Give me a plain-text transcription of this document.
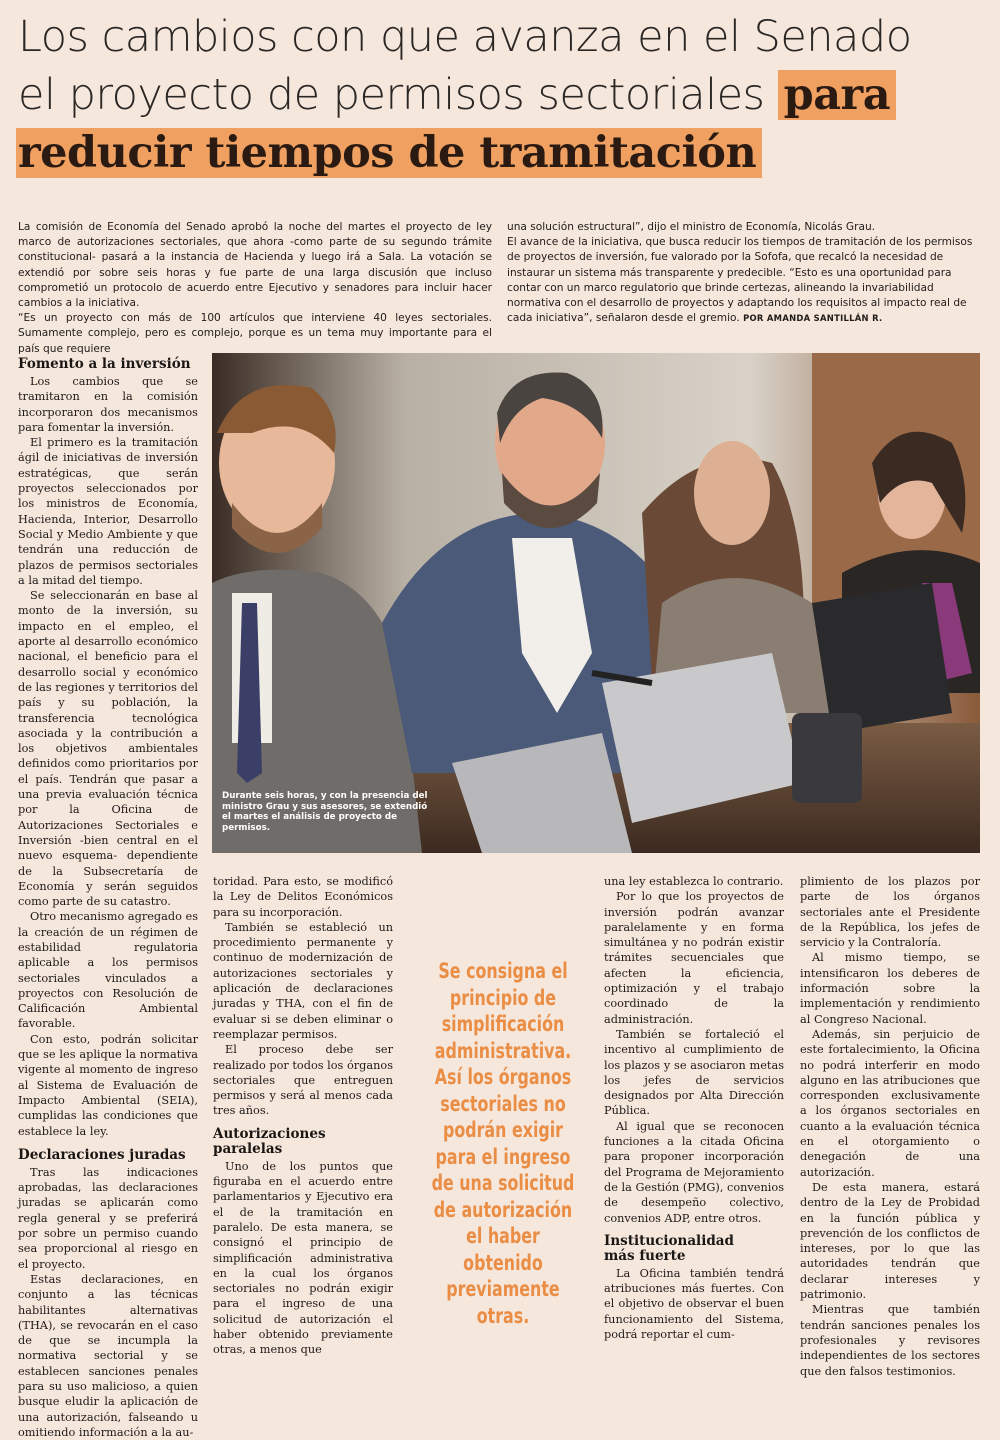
Los cambios con que avanza en el Senado
el proyecto de permisos sectoriales para
reducir tiempos de tramitación

La comisión de Economía del Senado aprobó la noche del martes el proyecto de ley marco de autorizaciones sectoriales, que ahora -como parte de su segundo trámite constitucional- pasará a la instancia de Hacienda y luego irá a Sala. La votación se extendió por sobre seis horas y fue parte de una larga discusión que incluso comprometió un protocolo de acuerdo entre Ejecutivo y senadores para incluir hacer cambios a la iniciativa.

“Es un proyecto con más de 100 artículos que interviene 40 leyes sectoriales. Sumamente complejo, pero es complejo, porque es un tema muy importante para el país que requiere

una solución estructural”, dijo el ministro de Economía, Nicolás Grau.

El avance de la iniciativa, que busca reducir los tiempos de tramitación de los permisos de proyectos de inversión, fue valorado por la Sofofa, que recalcó la necesidad de instaurar un sistema más transparente y predecible. “Esto es una oportunidad para contar con un marco regulatorio que brinde certezas, alineando la invariabilidad normativa con el desarrollo de proyectos y adaptando los requisitos al impacto real de cada iniciativa”, señalaron desde el gremio. POR AMANDA SANTILLÁN R.

Fomento a la inversión

Los cambios que se tramitaron en la comisión incorporaron dos mecanismos para fomentar la inversión.

El primero es la tramitación ágil de iniciativas de inversión estratégicas, que serán proyectos seleccionados por los ministros de Economía, Hacienda, Interior, Desarrollo Social y Medio Ambiente y que tendrán una reducción de plazos de permisos sectoriales a la mitad del tiempo.

Se seleccionarán en base al monto de la inversión, su impacto en el empleo, el aporte al desarrollo económico nacional, el beneficio para el desarrollo social y económico de las regiones y territorios del país y su población, la transferencia tecnológica asociada y la contribución a los objetivos ambientales definidos como prioritarios por el país. Tendrán que pasar a una previa evaluación técnica por la Oficina de Autorizaciones Sectoriales e Inversión -bien central en el nuevo esquema- dependiente de la Subsecretaría de Economía y serán seguidos como parte de su catastro.

Otro mecanismo agregado es la creación de un régimen de estabilidad regulatoria aplicable a los permisos sectoriales vinculados a proyectos con Resolución de Calificación Ambiental favorable.

Con esto, podrán solicitar que se les aplique la normativa vigente al momento de ingreso al Sistema de Evaluación de Impacto Ambiental (SEIA), cumplidas las condiciones que establece la ley.

Declaraciones juradas

Tras las indicaciones aprobadas, las declaraciones juradas se aplicarán como regla general y se preferirá por sobre un permiso cuando sea proporcional al riesgo en el proyecto.

Estas declaraciones, en conjunto a las técnicas habilitantes alternativas (THA), se revocarán en el caso de que se incumpla la normativa sectorial y se establecen sanciones penales para su uso malicioso, a quien busque eludir la aplicación de una autorización, falseando u omitiendo información a la au-

Durante seis horas, y con la presencia del ministro Grau y sus asesores, se extendió el martes el análisis de proyecto de permisos.

toridad. Para esto, se modificó la Ley de Delitos Económicos para su incorporación.

También se estableció un procedimiento permanente y continuo de modernización de autorizaciones sectoriales y aplicación de declaraciones juradas y THA, con el fin de evaluar si se deben eliminar o reemplazar permisos.

El proceso debe ser realizado por todos los órganos sectoriales que entreguen permisos y será al menos cada tres años.

Autorizaciones paralelas

Uno de los puntos que figuraba en el acuerdo entre parlamentarios y Ejecutivo era el de la tramitación en paralelo. De esta manera, se consignó el principio de simplificación administrativa en la cual los órganos sectoriales no podrán exigir para el ingreso de una solicitud de autorización el haber obtenido previamente otras, a menos que

Se consigna el principio de simplificación administrativa. Así los órganos sectoriales no podrán exigir para el ingreso de una solicitud de autorización el haber obtenido previamente otras.

una ley establezca lo contrario.

Por lo que los proyectos de inversión podrán avanzar paralelamente y en forma simultánea y no podrán existir trámites secuenciales que afecten la eficiencia, optimización y el trabajo coordinado de la administración.

También se fortaleció el incentivo al cumplimiento de los plazos y se asociaron metas los jefes de servicios designados por Alta Dirección Pública.

Al igual que se reconocen funciones a la citada Oficina para proponer incorporación del Programa de Mejoramiento de la Gestión (PMG), convenios de desempeño colectivo, convenios ADP, entre otros.

Institucionalidad
más fuerte

La Oficina también tendrá atribuciones más fuertes. Con el objetivo de observar el buen funcionamiento del Sistema, podrá reportar el cum-

plimiento de los plazos por parte de los órganos sectoriales ante el Presidente de la República, los jefes de servicio y la Contraloría.

Al mismo tiempo, se intensificaron los deberes de información sobre la implementación y rendimiento al Congreso Nacional.

Además, sin perjuicio de este fortalecimiento, la Oficina no podrá interferir en modo alguno en las atribuciones que corresponden exclusivamente a los órganos sectoriales en cuanto a la evaluación técnica en el otorgamiento o denegación de una autorización.

De esta manera, estará dentro de la Ley de Probidad en la función pública y prevención de los conflictos de intereses, por lo que las autoridades tendrán que declarar intereses y patrimonio.

Mientras que también tendrán sanciones penales los profesionales y revisores independientes de los sectores que den falsos testimonios.
